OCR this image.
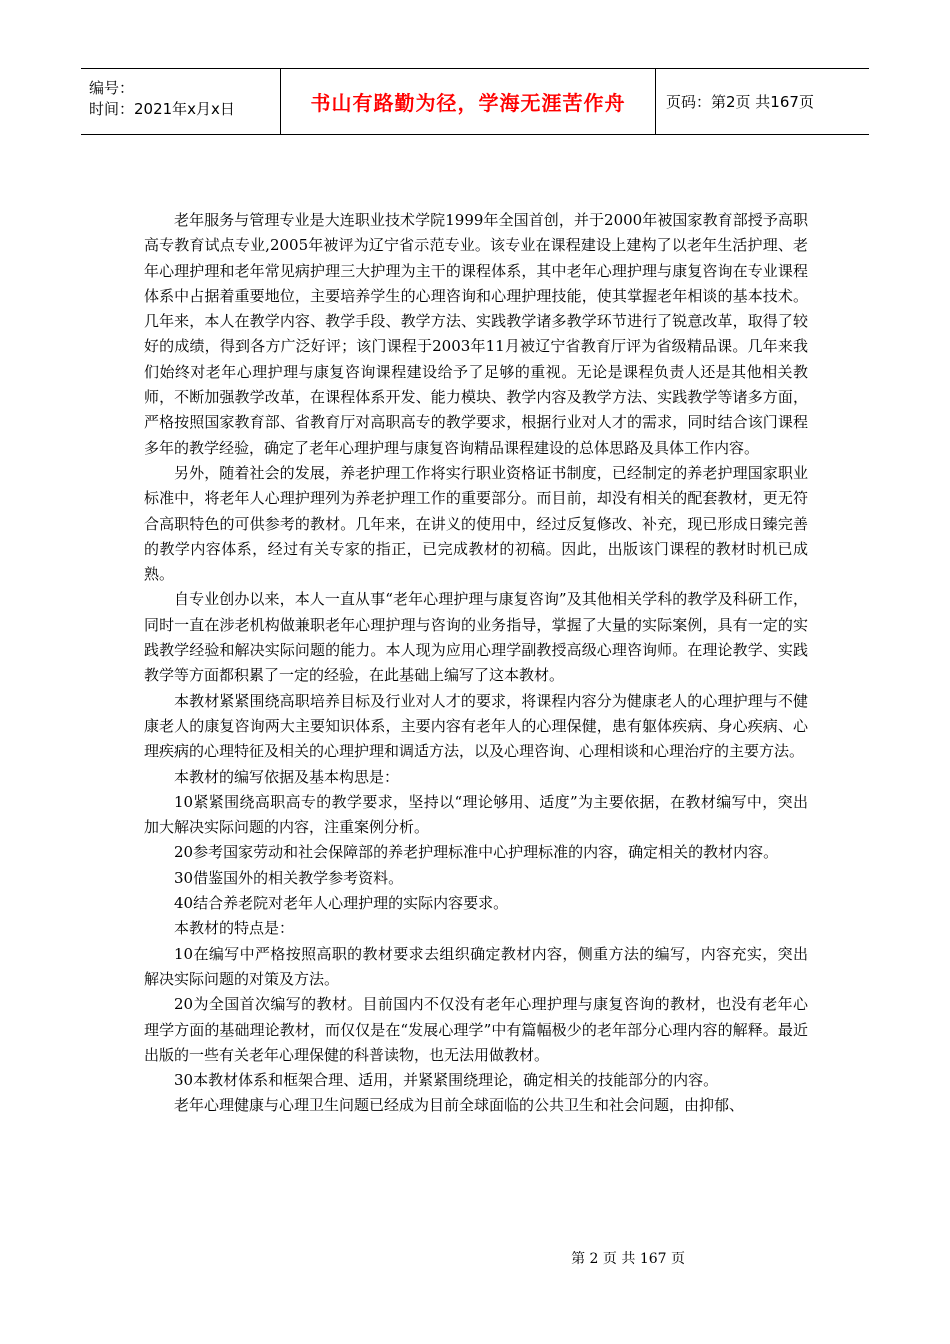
编号：
时间：2021年x月x日	书山有路勤为径，学海无涯苦作舟	页码：第2页 共167页

老年服务与管理专业是大连职业技术学院1999年全国首创，并于2000年被国家教育部授予高职高专教育试点专业,2005年被评为辽宁省示范专业。该专业在课程建设上建构了以老年生活护理、老年心理护理和老年常见病护理三大护理为主干的课程体系，其中老年心理护理与康复咨询在专业课程体系中占据着重要地位，主要培养学生的心理咨询和心理护理技能，使其掌握老年相谈的基本技术。几年来，本人在教学内容、教学手段、教学方法、实践教学诸多教学环节进行了锐意改革，取得了较好的成绩，得到各方广泛好评；该门课程于2003年11月被辽宁省教育厅评为省级精品课。几年来我们始终对老年心理护理与康复咨询课程建设给予了足够的重视。无论是课程负责人还是其他相关教师，不断加强教学改革，在课程体系开发、能力模块、教学内容及教学方法、实践教学等诸多方面，严格按照国家教育部、省教育厅对高职高专的教学要求，根据行业对人才的需求，同时结合该门课程多年的教学经验，确定了老年心理护理与康复咨询精品课程建设的总体思路及具体工作内容。

另外，随着社会的发展，养老护理工作将实行职业资格证书制度，已经制定的养老护理国家职业标准中，将老年人心理护理列为养老护理工作的重要部分。而目前，却没有相关的配套教材，更无符合高职特色的可供参考的教材。几年来，在讲义的使用中，经过反复修改、补充，现已形成日臻完善的教学内容体系，经过有关专家的指正，已完成教材的初稿。因此，出版该门课程的教材时机已成熟。

自专业创办以来，本人一直从事“老年心理护理与康复咨询”及其他相关学科的教学及科研工作，同时一直在涉老机构做兼职老年心理护理与咨询的业务指导，掌握了大量的实际案例，具有一定的实践教学经验和解决实际问题的能力。本人现为应用心理学副教授高级心理咨询师。在理论教学、实践教学等方面都积累了一定的经验，在此基础上编写了这本教材。

本教材紧紧围绕高职培养目标及行业对人才的要求，将课程内容分为健康老人的心理护理与不健康老人的康复咨询两大主要知识体系，主要内容有老年人的心理保健，患有躯体疾病、身心疾病、心理疾病的心理特征及相关的心理护理和调适方法，以及心理咨询、心理相谈和心理治疗的主要方法。

本教材的编写依据及基本构思是：

10紧紧围绕高职高专的教学要求，坚持以“理论够用、适度”为主要依据，在教材编写中，突出加大解决实际问题的内容，注重案例分析。

20参考国家劳动和社会保障部的养老护理标准中心护理标准的内容，确定相关的教材内容。

30借鉴国外的相关教学参考资料。

40结合养老院对老年人心理护理的实际内容要求。

本教材的特点是：

10在编写中严格按照高职的教材要求去组织确定教材内容，侧重方法的编写，内容充实，突出解决实际问题的对策及方法。

20为全国首次编写的教材。目前国内不仅没有老年心理护理与康复咨询的教材，也没有老年心理学方面的基础理论教材，而仅仅是在“发展心理学”中有篇幅极少的老年部分心理内容的解释。最近出版的一些有关老年心理保健的科普读物，也无法用做教材。

30本教材体系和框架合理、适用，并紧紧围绕理论，确定相关的技能部分的内容。

老年心理健康与心理卫生问题已经成为目前全球面临的公共卫生和社会问题，由抑郁、

第 2 页 共 167 页
